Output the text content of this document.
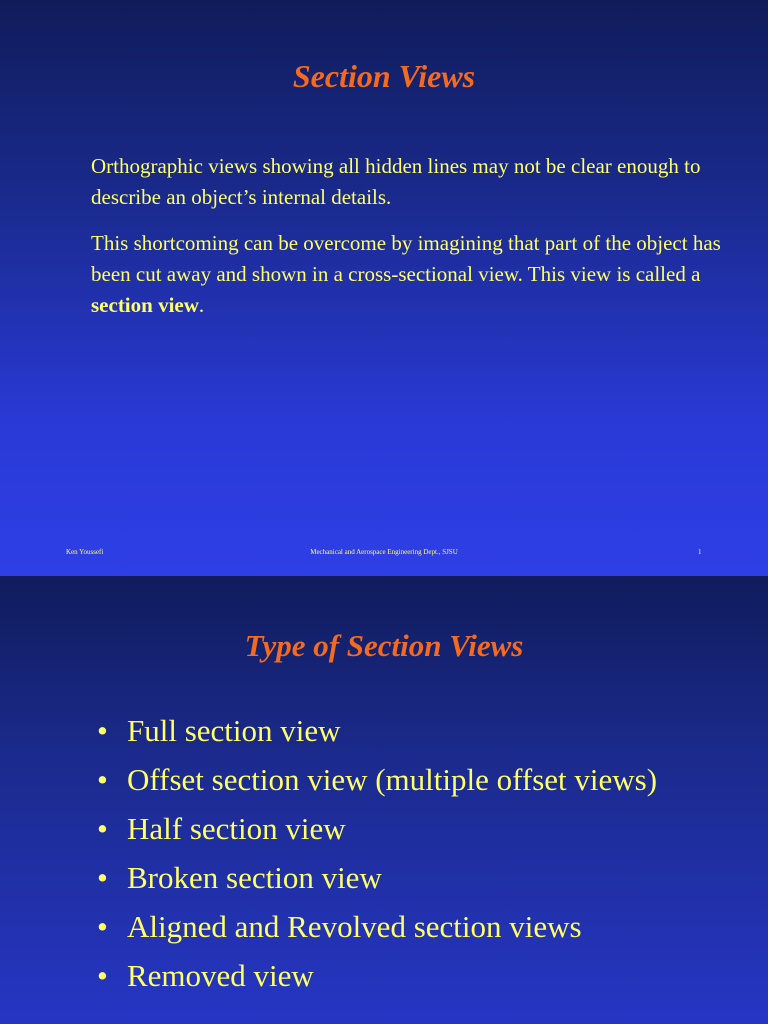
Section Views

Orthographic views showing all hidden lines may not be clear enough to describe an object’s internal details.

This shortcoming can be overcome by imagining that part of the object has been cut away and shown in a cross-sectional view. This view is called a section view.

Ken Youssefi	Mechanical and Aerospace Engineering Dept., SJSU	1
Type of Section Views
• Full section view
• Offset section view (multiple offset views)
• Half section view
• Broken section view
• Aligned and Revolved section views
• Removed view
